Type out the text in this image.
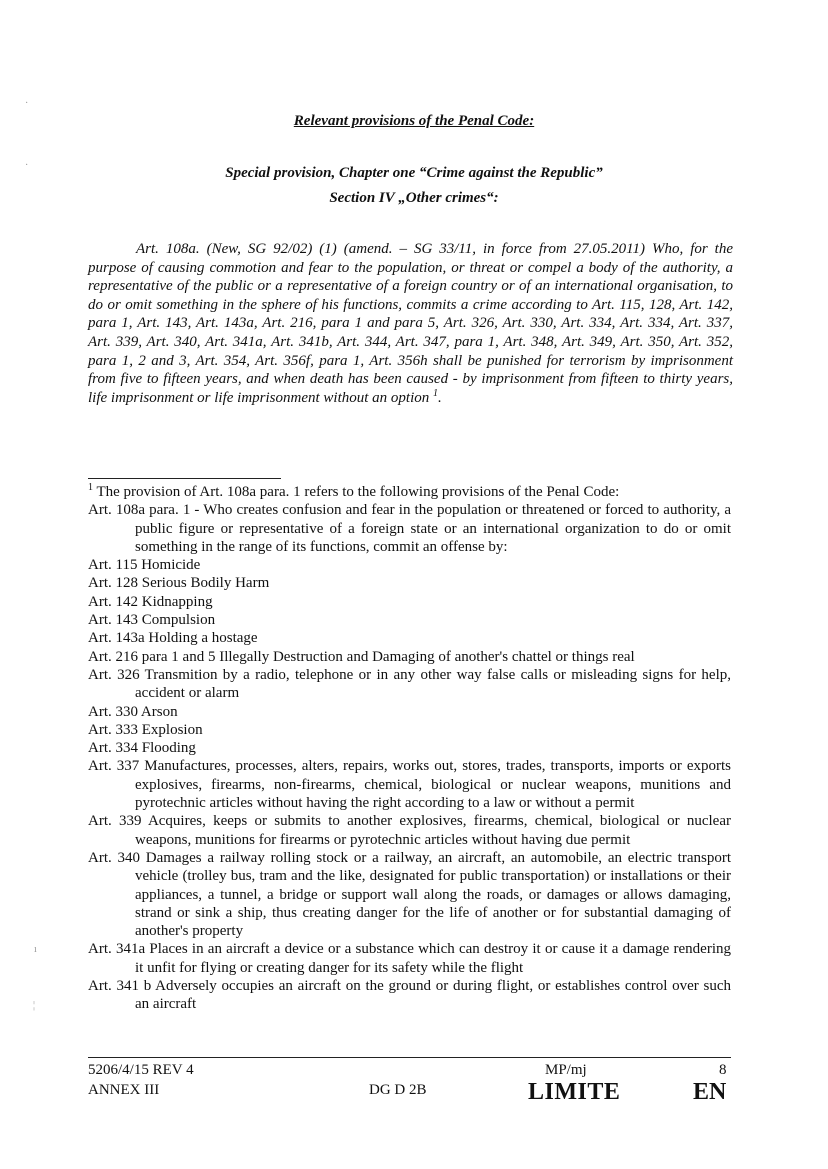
Relevant provisions of the Penal Code:
Special provision, Chapter one “Crime against the Republic”
Section IV „Other crimes“:
Art. 108a. (New, SG 92/02) (1) (amend. – SG 33/11, in force from 27.05.2011) Who, for the purpose of causing commotion and fear to the population, or threat or compel a body of the authority, a representative of the public or a representative of a foreign country or of an international organisation, to do or omit something in the sphere of his functions, commits a crime according to Art. 115, 128, Art. 142, para 1, Art. 143, Art. 143a, Art. 216, para 1 and para 5, Art. 326, Art. 330, Art. 334, Art. 334, Art. 337, Art. 339, Art. 340, Art. 341a, Art. 341b, Art. 344, Art. 347, para 1, Art. 348, Art. 349, Art. 350, Art. 352, para 1, 2 and 3, Art. 354, Art. 356f, para 1, Art. 356h shall be punished for terrorism by imprisonment from five to fifteen years, and when death has been caused - by imprisonment from fifteen to thirty years, life imprisonment or life imprisonment without an option $^1$.

$^1$ The provision of Art. 108a para. 1 refers to the following provisions of the Penal Code:

Art. 108a para. 1 - Who creates confusion and fear in the population or threatened or forced to authority, a public figure or representative of a foreign state or an international organization to do or omit something in the range of its functions, commit an offense by:

Art. 115 Homicide

Art. 128 Serious Bodily Harm

Art. 142 Kidnapping

Art. 143 Compulsion

Art. 143a Holding a hostage

Art. 216 para 1 and 5 Illegally Destruction and Damaging of another's chattel or things real

Art. 326 Transmition by a radio, telephone or in any other way false calls or misleading signs for help, accident or alarm

Art. 330 Arson

Art. 333 Explosion

Art. 334 Flooding

Art. 337 Manufactures, processes, alters, repairs, works out, stores, trades, transports, imports or exports explosives, firearms, non-firearms, chemical, biological or nuclear weapons, munitions and pyrotechnic articles without having the right according to a law or without a permit

Art. 339 Acquires, keeps or submits to another explosives, firearms, chemical, biological or nuclear weapons, munitions for firearms or pyrotechnic articles without having due permit

Art. 340 Damages a railway rolling stock or a railway, an aircraft, an automobile, an electric transport vehicle (trolley bus, tram and the like, designated for public transportation) or installations or their appliances, a tunnel, a bridge or support wall along the roads, or damages or allows damaging, strand or sink a ship, thus creating danger for the life of another or for substantial damaging of another's property

Art. 341a Places in an aircraft a device or a substance which can destroy it or cause it a damage rendering it unfit for flying or creating danger for its safety while the flight

Art. 341 b Adversely occupies an aircraft on the ground or during flight, or establishes control over such an aircraft

5206/4/15 REV 4
ANNEX III	DG D 2B
MP/mj	8
LIMITE	EN
·
·
ı
¦
